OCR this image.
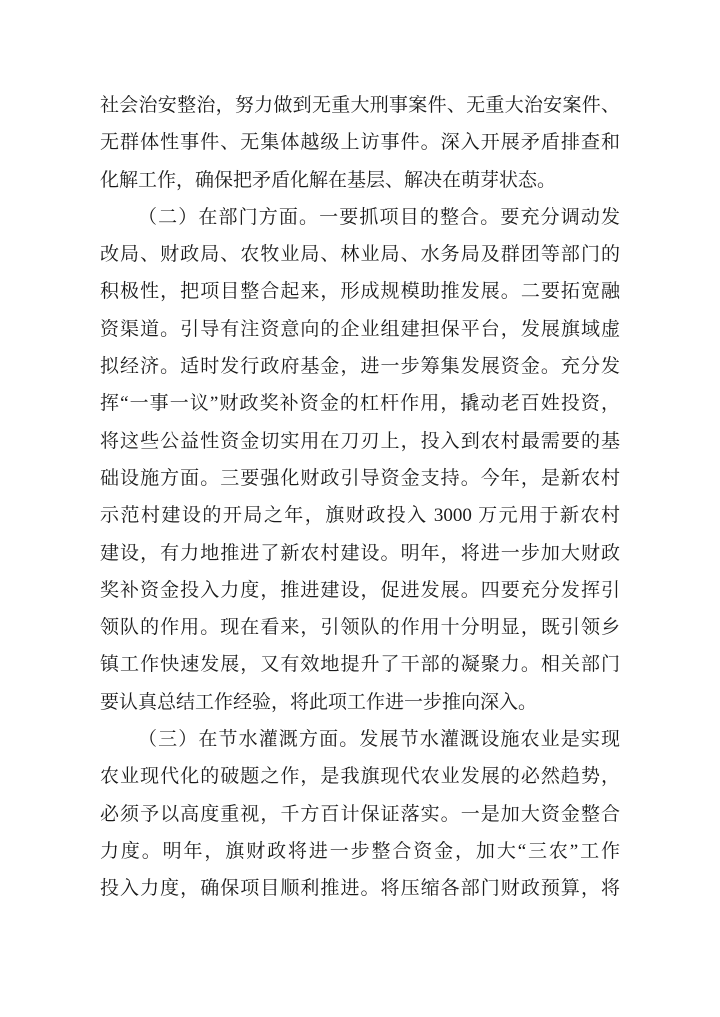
社会治安整治，努力做到无重大刑事案件、无重大治安案件、
无群体性事件、无集体越级上访事件。深入开展矛盾排查和
化解工作，确保把矛盾化解在基层、解决在萌芽状态。
（二）在部门方面。一要抓项目的整合。要充分调动发
改局、财政局、农牧业局、林业局、水务局及群团等部门的
积极性，把项目整合起来，形成规模助推发展。二要拓宽融
资渠道。引导有注资意向的企业组建担保平台，发展旗域虚
拟经济。适时发行政府基金，进一步筹集发展资金。充分发
挥“一事一议”财政奖补资金的杠杆作用，撬动老百姓投资，
将这些公益性资金切实用在刀刃上，投入到农村最需要的基
础设施方面。三要强化财政引导资金支持。今年，是新农村
示范村建设的开局之年，旗财政投入 3000 万元用于新农村
建设，有力地推进了新农村建设。明年，将进一步加大财政
奖补资金投入力度，推进建设，促进发展。四要充分发挥引
领队的作用。现在看来，引领队的作用十分明显，既引领乡
镇工作快速发展，又有效地提升了干部的凝聚力。相关部门
要认真总结工作经验，将此项工作进一步推向深入。
（三）在节水灌溉方面。发展节水灌溉设施农业是实现
农业现代化的破题之作，是我旗现代农业发展的必然趋势，
必须予以高度重视，千方百计保证落实。一是加大资金整合
力度。明年，旗财政将进一步整合资金，加大“三农”工作
投入力度，确保项目顺利推进。将压缩各部门财政预算，将
